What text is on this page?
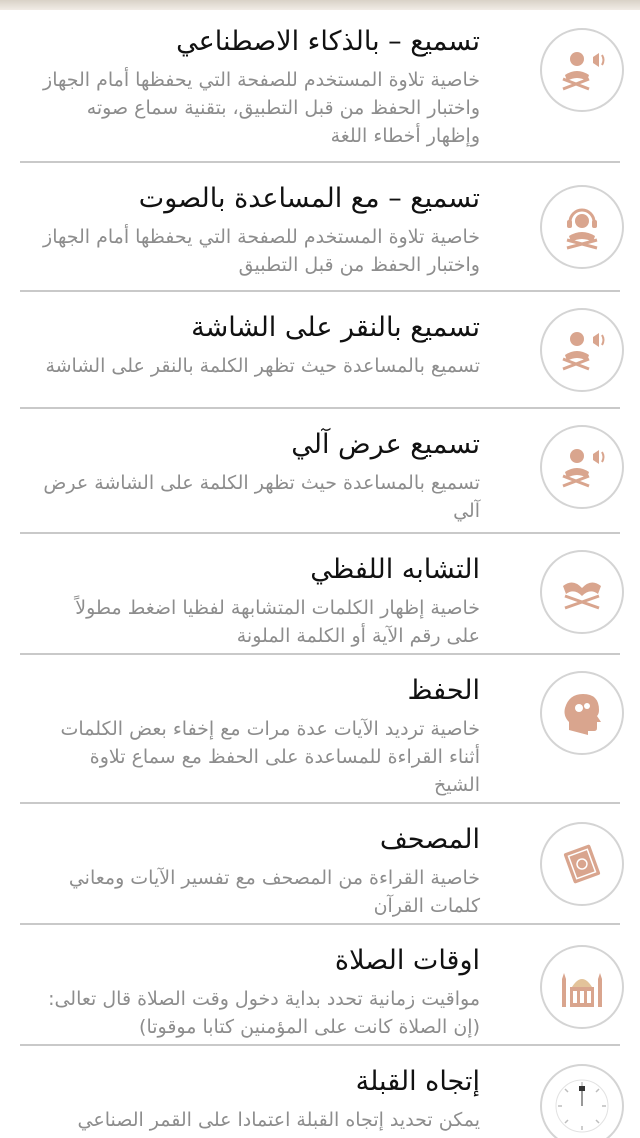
تسميع – بالذكاء الاصطناعي
خاصية تلاوة المستخدم للصفحة التي يحفظها أمام الجهاز واختبار الحفظ من قبل التطبيق، بتقنية سماع صوته وإظهار أخطاء اللغة
تسميع – مع المساعدة بالصوت
خاصية تلاوة المستخدم للصفحة التي يحفظها أمام الجهاز واختبار الحفظ من قبل التطبيق
تسميع بالنقر على الشاشة
تسميع بالمساعدة حيث تظهر الكلمة بالنقر على الشاشة
تسميع عرض آلي
تسميع بالمساعدة حيث تظهر الكلمة على الشاشة عرض آلي
التشابه اللفظي
خاصية إظهار الكلمات المتشابهة لفظيا اضغط مطولاً على رقم الآية أو الكلمة الملونة
الحفظ
خاصية ترديد الآيات عدة مرات مع إخفاء بعض الكلمات أثناء القراءة للمساعدة على الحفظ مع سماع تلاوة الشيخ
المصحف
خاصية القراءة من المصحف مع تفسير الآيات ومعاني كلمات القرآن
اوقات الصلاة
مواقيت زمانية تحدد بداية دخول وقت الصلاة قال تعالى: (إن الصلاة كانت على المؤمنين كتابا موقوتا)
إتجاه القبلة
يمكن تحديد إتجاه القبلة اعتمادا على القمر الصناعي
